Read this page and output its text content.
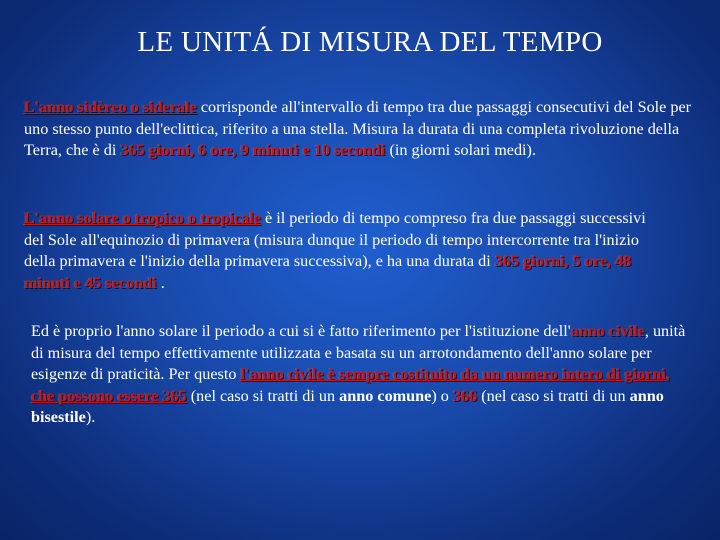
LE UNITÁ DI MISURA DEL TEMPO
L'anno sidèreo o siderale corrisponde all'intervallo di tempo tra due passaggi consecutivi del Sole per uno stesso punto dell'eclittica, riferito a una stella. Misura la durata di una completa rivoluzione della Terra, che è di 365 giorni, 6 ore, 9 minuti e 10 secondi (in giorni solari medi).
L'anno solare o tropico o tropicale è il periodo di tempo compreso fra due passaggi successivi del Sole all'equinozio di primavera (misura dunque il periodo di tempo intercorrente tra l'inizio della primavera e l'inizio della primavera successiva), e ha una durata di 365 giorni, 5 ore, 48 minuti e 45 secondi .
Ed è proprio l'anno solare il periodo a cui si è fatto riferimento per l'istituzione dell'anno civile, unità di misura del tempo effettivamente utilizzata e basata su un arrotondamento dell'anno solare per esigenze di praticità. Per questo l'anno civile è sempre costituito da un numero intero di giorni, che possono essere 365 (nel caso si tratti di un anno comune) o 366 (nel caso si tratti di un anno bisestile).
